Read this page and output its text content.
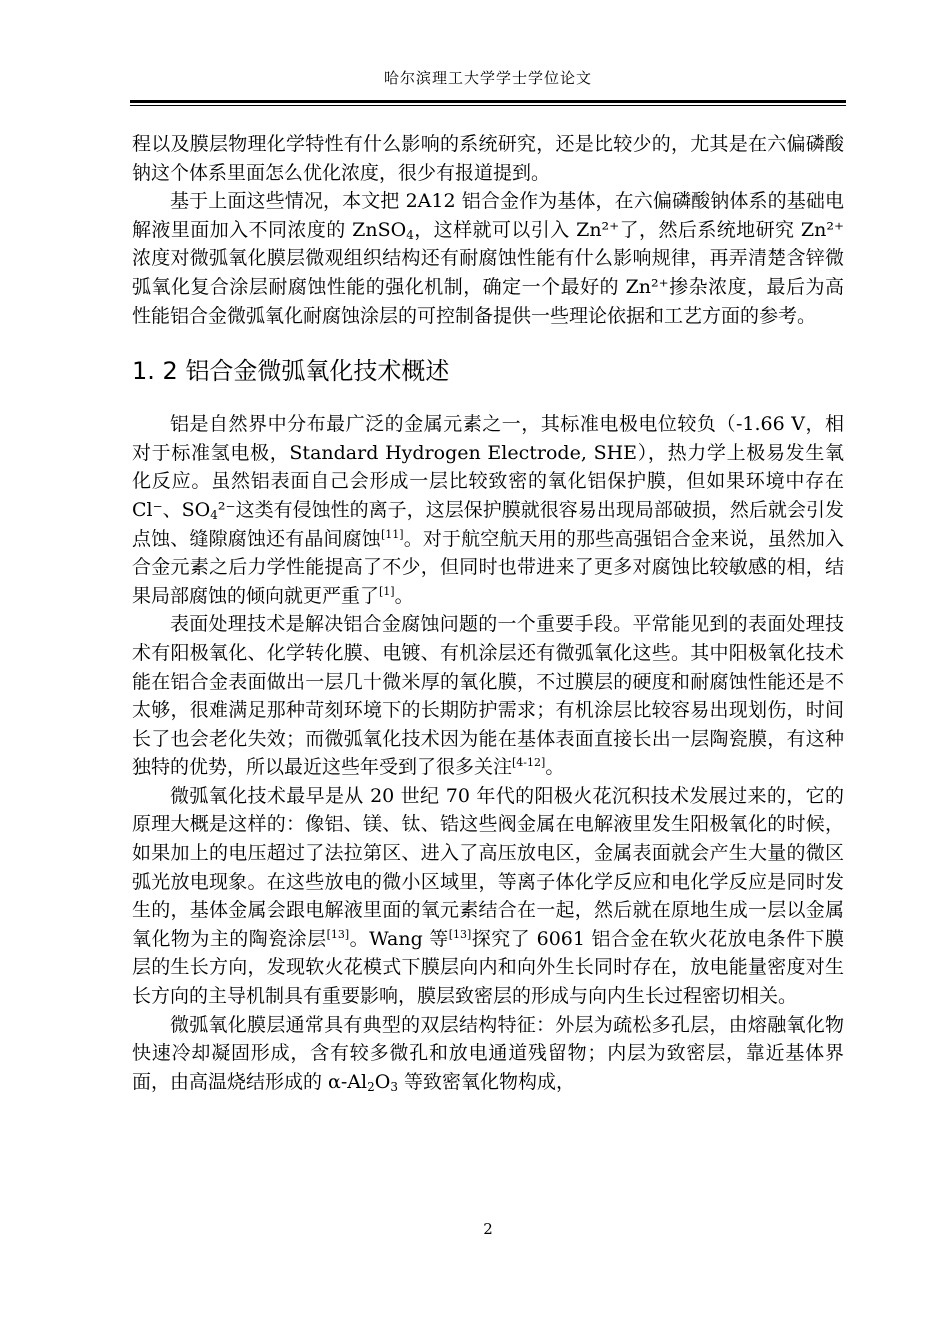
哈尔滨理工大学学士学位论文

程以及膜层物理化学特性有什么影响的系统研究，还是比较少的，尤其是在六偏磷酸钠这个体系里面怎么优化浓度，很少有报道提到。

基于上面这些情况，本文把 2A12 铝合金作为基体，在六偏磷酸钠体系的基础电解液里面加入不同浓度的 ZnSO$_4$，这样就可以引入 Zn²⁺了，然后系统地研究 Zn²⁺浓度对微弧氧化膜层微观组织结构还有耐腐蚀性能有什么影响规律，再弄清楚含锌微弧氧化复合涂层耐腐蚀性能的强化机制，确定一个最好的 Zn²⁺掺杂浓度，最后为高性能铝合金微弧氧化耐腐蚀涂层的可控制备提供一些理论依据和工艺方面的参考。

1. 2 铝合金微弧氧化技术概述

铝是自然界中分布最广泛的金属元素之一，其标准电极电位较负（-1.66 V，相对于标准氢电极，Standard Hydrogen Electrode, SHE），热力学上极易发生氧化反应。虽然铝表面自己会形成一层比较致密的氧化铝保护膜，但如果环境中存在 Cl⁻、$SO_4^{2-}$这类有侵蚀性的离子，这层保护膜就很容易出现局部破损，然后就会引发点蚀、缝隙腐蚀还有晶间腐蚀[11]。对于航空航天用的那些高强铝合金来说，虽然加入合金元素之后力学性能提高了不少，但同时也带进来了更多对腐蚀比较敏感的相，结果局部腐蚀的倾向就更严重了[1]。

表面处理技术是解决铝合金腐蚀问题的一个重要手段。平常能见到的表面处理技术有阳极氧化、化学转化膜、电镀、有机涂层还有微弧氧化这些。其中阳极氧化技术能在铝合金表面做出一层几十微米厚的氧化膜，不过膜层的硬度和耐腐蚀性能还是不太够，很难满足那种苛刻环境下的长期防护需求；有机涂层比较容易出现划伤，时间长了也会老化失效；而微弧氧化技术因为能在基体表面直接长出一层陶瓷膜，有这种独特的优势，所以最近这些年受到了很多关注[4-12]。

微弧氧化技术最早是从 20 世纪 70 年代的阳极火花沉积技术发展过来的，它的原理大概是这样的：像铝、镁、钛、锆这些阀金属在电解液里发生阳极氧化的时候，如果加上的电压超过了法拉第区、进入了高压放电区，金属表面就会产生大量的微区弧光放电现象。在这些放电的微小区域里，等离子体化学反应和电化学反应是同时发生的，基体金属会跟电解液里面的氧元素结合在一起，然后就在原地生成一层以金属氧化物为主的陶瓷涂层[13]。Wang 等[13]探究了 6061 铝合金在软火花放电条件下膜层的生长方向，发现软火花模式下膜层向内和向外生长同时存在，放电能量密度对生长方向的主导机制具有重要影响，膜层致密层的形成与向内生长过程密切相关。

微弧氧化膜层通常具有典型的双层结构特征：外层为疏松多孔层，由熔融氧化物快速冷却凝固形成，含有较多微孔和放电通道残留物；内层为致密层，靠近基体界面，由高温烧结形成的 $\alpha-Al_2O_3$ 等致密氧化物构成，

2
